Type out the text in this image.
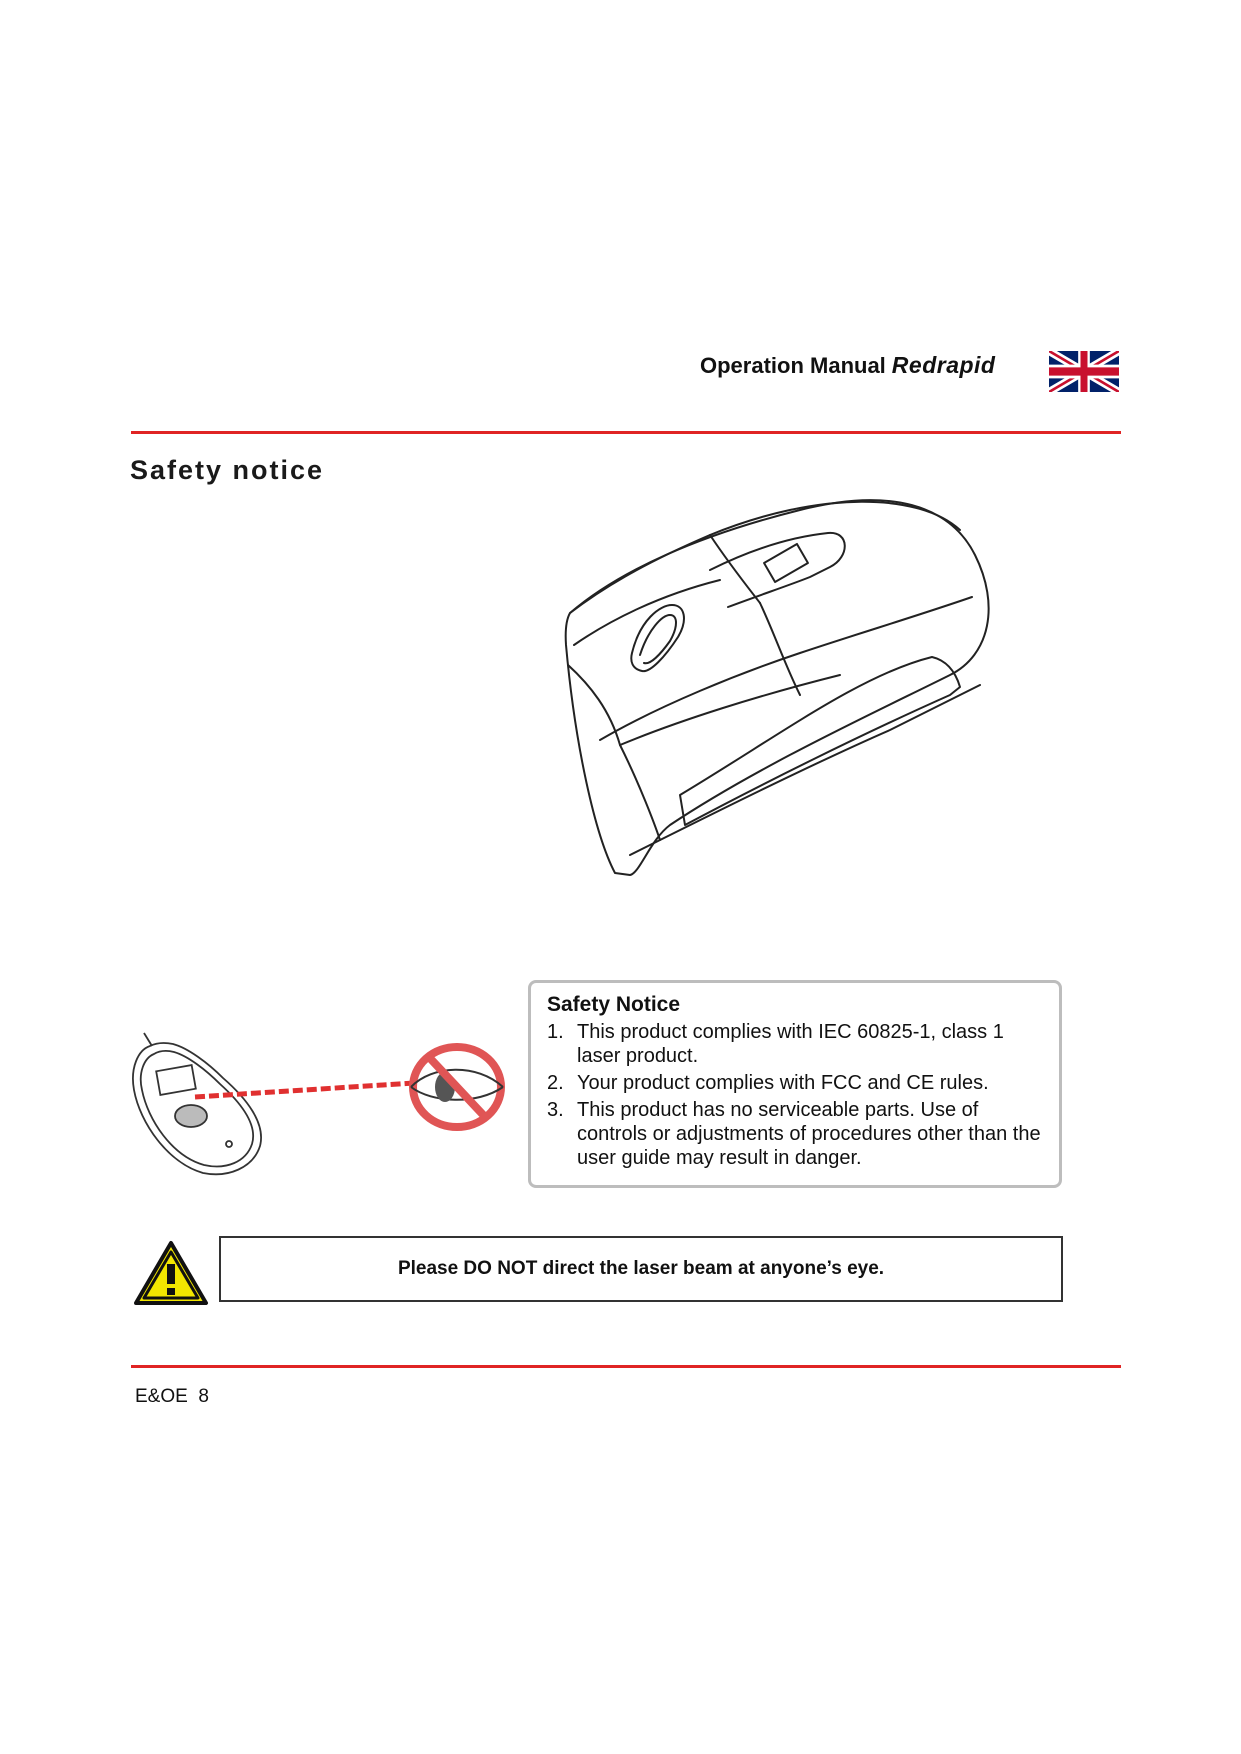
Operation Manual Redrapid
Safety notice
Safety Notice
1. This product complies with IEC 60825-1, class 1 laser product.
2. Your product complies with FCC and CE rules.
3. This product has no serviceable parts. Use of controls or adjustments of procedures other than the user guide may result in danger.
Please DO NOT direct the laser beam at anyone’s eye.
E&OE  8
